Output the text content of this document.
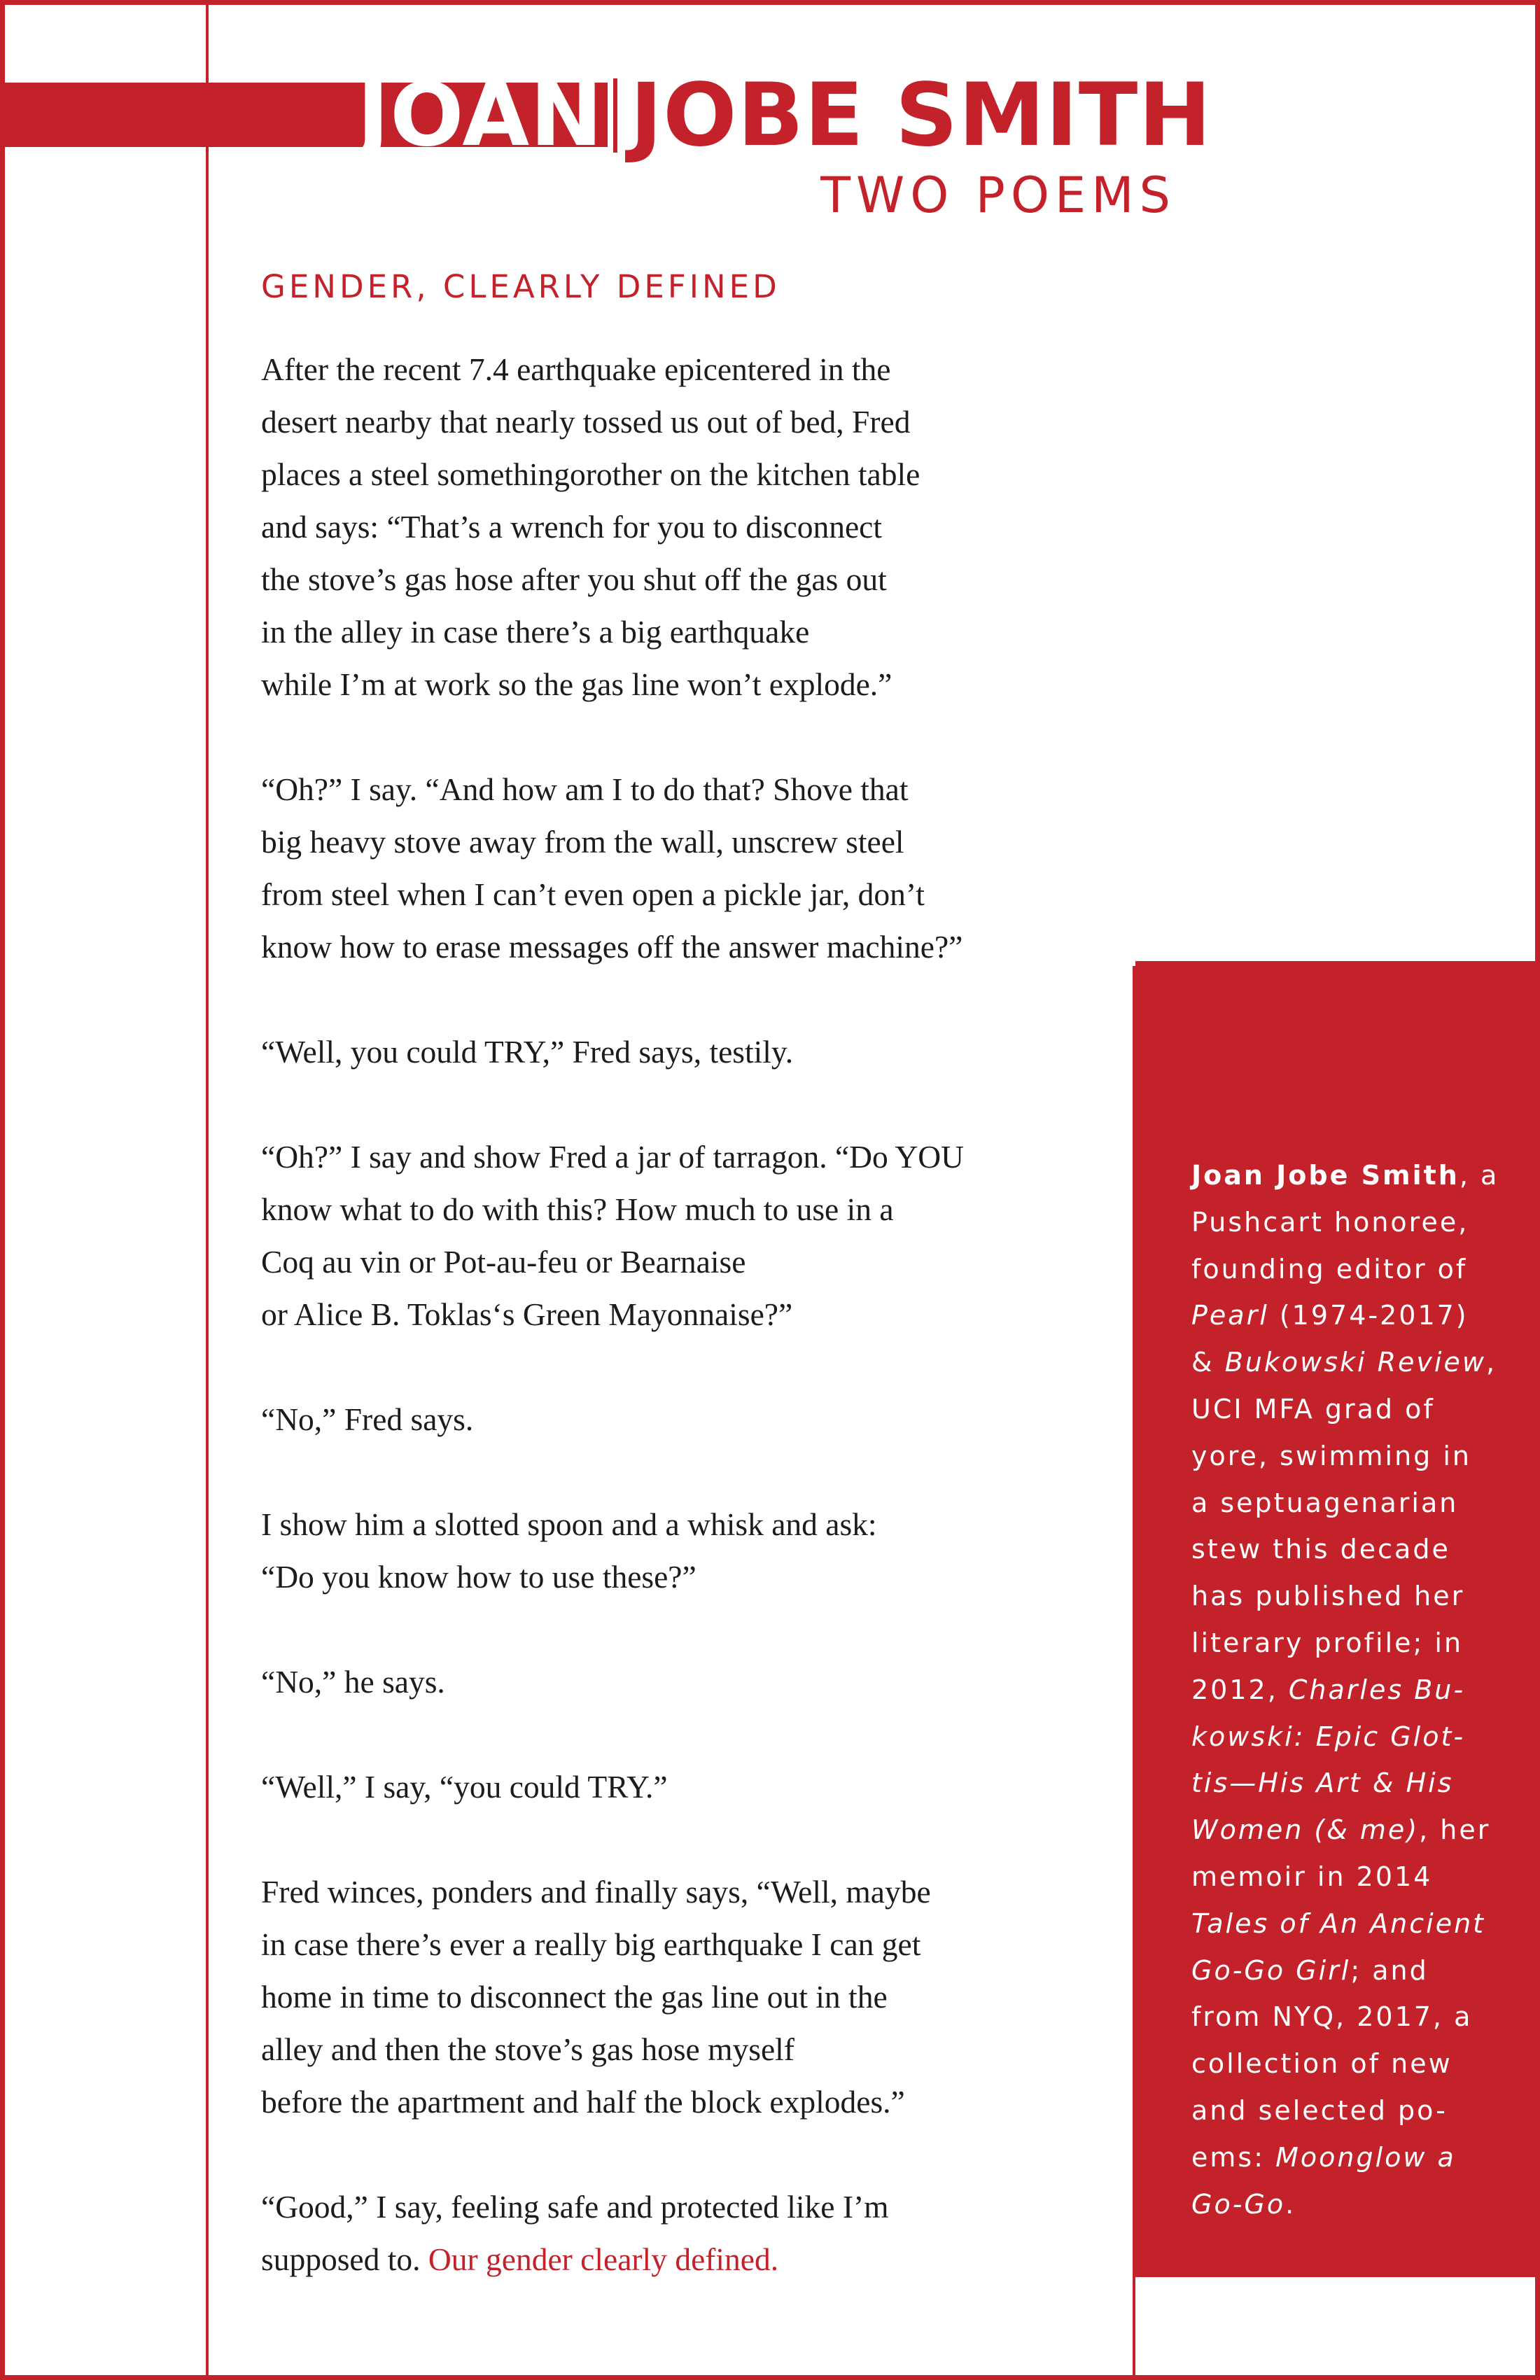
JOAN JOBE SMITH
TWO POEMS
GENDER, CLEARLY DEFINED
After the recent 7.4 earthquake epicentered in the
desert nearby that nearly tossed us out of bed, Fred
places a steel somethingorother on the kitchen table
and says: “That’s a wrench for you to disconnect
the stove’s gas hose after you shut off the gas out
in the alley in case there’s a big earthquake
while I’m at work so the gas line won’t explode.”
“Oh?” I say. “And how am I to do that? Shove that
big heavy stove away from the wall, unscrew steel
from steel when I can’t even open a pickle jar, don’t
know how to erase messages off the answer machine?”
“Well, you could TRY,” Fred says, testily.
“Oh?” I say and show Fred a jar of tarragon. “Do YOU
know what to do with this? How much to use in a
Coq au vin or Pot-au-feu or Bearnaise
or Alice B. Toklas‘s Green Mayonnaise?”
“No,” Fred says.
I show him a slotted spoon and a whisk and ask:
“Do you know how to use these?”
“No,” he says.
“Well,” I say, “you could TRY.”
Fred winces, ponders and finally says, “Well, maybe
in case there’s ever a really big earthquake I can get
home in time to disconnect the gas line out in the
alley and then the stove’s gas hose myself
before the apartment and half the block explodes.”
“Good,” I say, feeling safe and protected like I’m
supposed to. Our gender clearly defined.
Joan Jobe Smith, a
Pushcart honoree,
founding editor of
Pearl (1974-2017)
& Bukowski Review,
UCI MFA grad of
yore, swimming in
a septuagenarian
stew this decade
has published her
literary profile; in
2012, Charles Bu-
kowski: Epic Glot-
tis—His Art & His
Women (& me), her
memoir in 2014
Tales of An Ancient
Go-Go Girl; and
from NYQ, 2017, a
collection of new
and selected po-
ems: Moonglow a
Go-Go.
